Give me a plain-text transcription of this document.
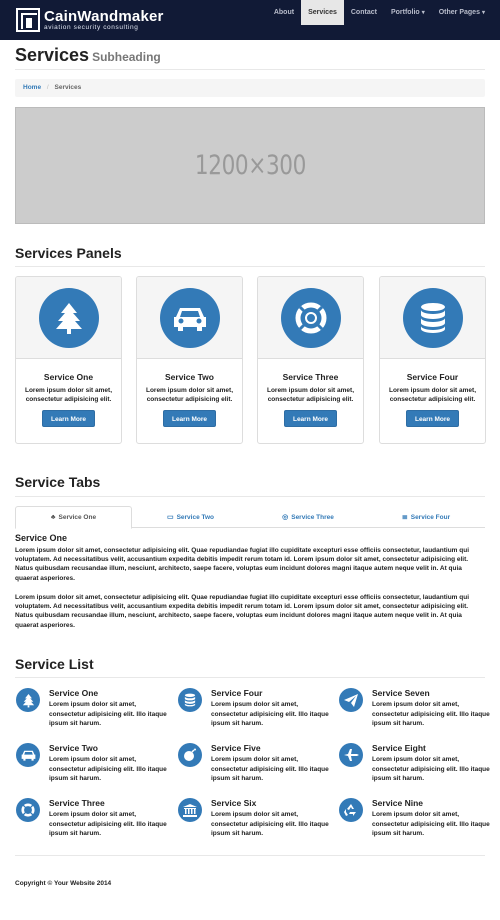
CainWandmaker
aviation security consulting
About	Services	Contact	Portfolio ▾	Other Pages ▾
Services Subheading
Home / Services
1200×300
Services Panels
Service One
Lorem ipsum dolor sit amet, consectetur adipisicing elit.
Learn More
Service Two
Lorem ipsum dolor sit amet, consectetur adipisicing elit.
Learn More
Service Three
Lorem ipsum dolor sit amet, consectetur adipisicing elit.
Learn More
Service Four
Lorem ipsum dolor sit amet, consectetur adipisicing elit.
Learn More
Service Tabs
♣ Service One	▭ Service Two	◎ Service Three	≣ Service Four
Service One
Lorem ipsum dolor sit amet, consectetur adipisicing elit. Quae repudiandae fugiat illo cupiditate excepturi esse officiis consectetur, laudantium qui voluptatem. Ad necessitatibus velit, accusantium expedita debitis impedit rerum totam id. Lorem ipsum dolor sit amet, consectetur adipisicing elit. Natus quibusdam recusandae illum, nesciunt, architecto, saepe facere, voluptas eum incidunt dolores magni itaque autem neque velit in. At quia quaerat asperiores.
Lorem ipsum dolor sit amet, consectetur adipisicing elit. Quae repudiandae fugiat illo cupiditate excepturi esse officiis consectetur, laudantium qui voluptatem. Ad necessitatibus velit, accusantium expedita debitis impedit rerum totam id. Lorem ipsum dolor sit amet, consectetur adipisicing elit. Natus quibusdam recusandae illum, nesciunt, architecto, saepe facere, voluptas eum incidunt dolores magni itaque autem neque velit in. At quia quaerat asperiores.
Service List
Service One
Lorem ipsum dolor sit amet, consectetur adipisicing elit. Illo itaque ipsum sit harum.
Service Two
Lorem ipsum dolor sit amet, consectetur adipisicing elit. Illo itaque ipsum sit harum.
Service Three
Lorem ipsum dolor sit amet, consectetur adipisicing elit. Illo itaque ipsum sit harum.
Service Four
Lorem ipsum dolor sit amet, consectetur adipisicing elit. Illo itaque ipsum sit harum.
Service Five
Lorem ipsum dolor sit amet, consectetur adipisicing elit. Illo itaque ipsum sit harum.
Service Six
Lorem ipsum dolor sit amet, consectetur adipisicing elit. Illo itaque ipsum sit harum.
Service Seven
Lorem ipsum dolor sit amet, consectetur adipisicing elit. Illo itaque ipsum sit harum.
Service Eight
Lorem ipsum dolor sit amet, consectetur adipisicing elit. Illo itaque ipsum sit harum.
Service Nine
Lorem ipsum dolor sit amet, consectetur adipisicing elit. Illo itaque ipsum sit harum.
Copyright © Your Website 2014
